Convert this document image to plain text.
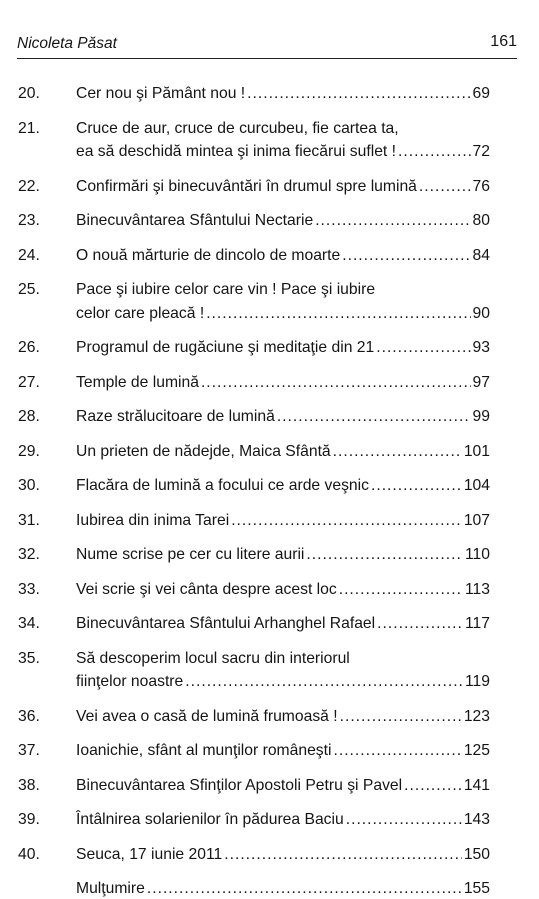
Nicoleta Păsat	161
20.	Cer nou şi Pământ nou ! .....	69
21.	Cruce de aur, cruce de curcubeu, fie cartea ta,
ea să deschidă mintea şi inima fiecărui suflet ! .....	72
22.	Confirmări şi binecuvântări în drumul spre lumină .....	76
23.	Binecuvântarea Sfântului Nectarie .....	80
24.	O nouă mărturie de dincolo de moarte .....	84
25.	Pace şi iubire celor care vin ! Pace şi iubire
celor care pleacă ! .....	90
26.	Programul de rugăciune şi meditaţie din 21 .....	93
27.	Temple de lumină .....	97
28.	Raze strălucitoare de lumină .....	99
29.	Un prieten de nădejde, Maica Sfântă .....	101
30.	Flacăra de lumină a focului ce arde veşnic .....	104
31.	Iubirea din inima Tarei .....	107
32.	Nume scrise pe cer cu litere aurii .....	110
33.	Vei scrie şi vei cânta despre acest loc .....	113
34.	Binecuvântarea Sfântului Arhanghel Rafael .....	117
35.	Să descoperim locul sacru din interiorul
fiinţelor noastre .....	119
36.	Vei avea o casă de lumină frumoasă ! .....	123
37.	Ioanichie, sfânt al munţilor româneşti .....	125
38.	Binecuvântarea Sfinţilor Apostoli Petru şi Pavel .....	141
39.	Întâlnirea solarienilor în pădurea Baciu .....	143
40.	Seuca, 17 iunie 2011 .....	150
Mulţumire .....	155
